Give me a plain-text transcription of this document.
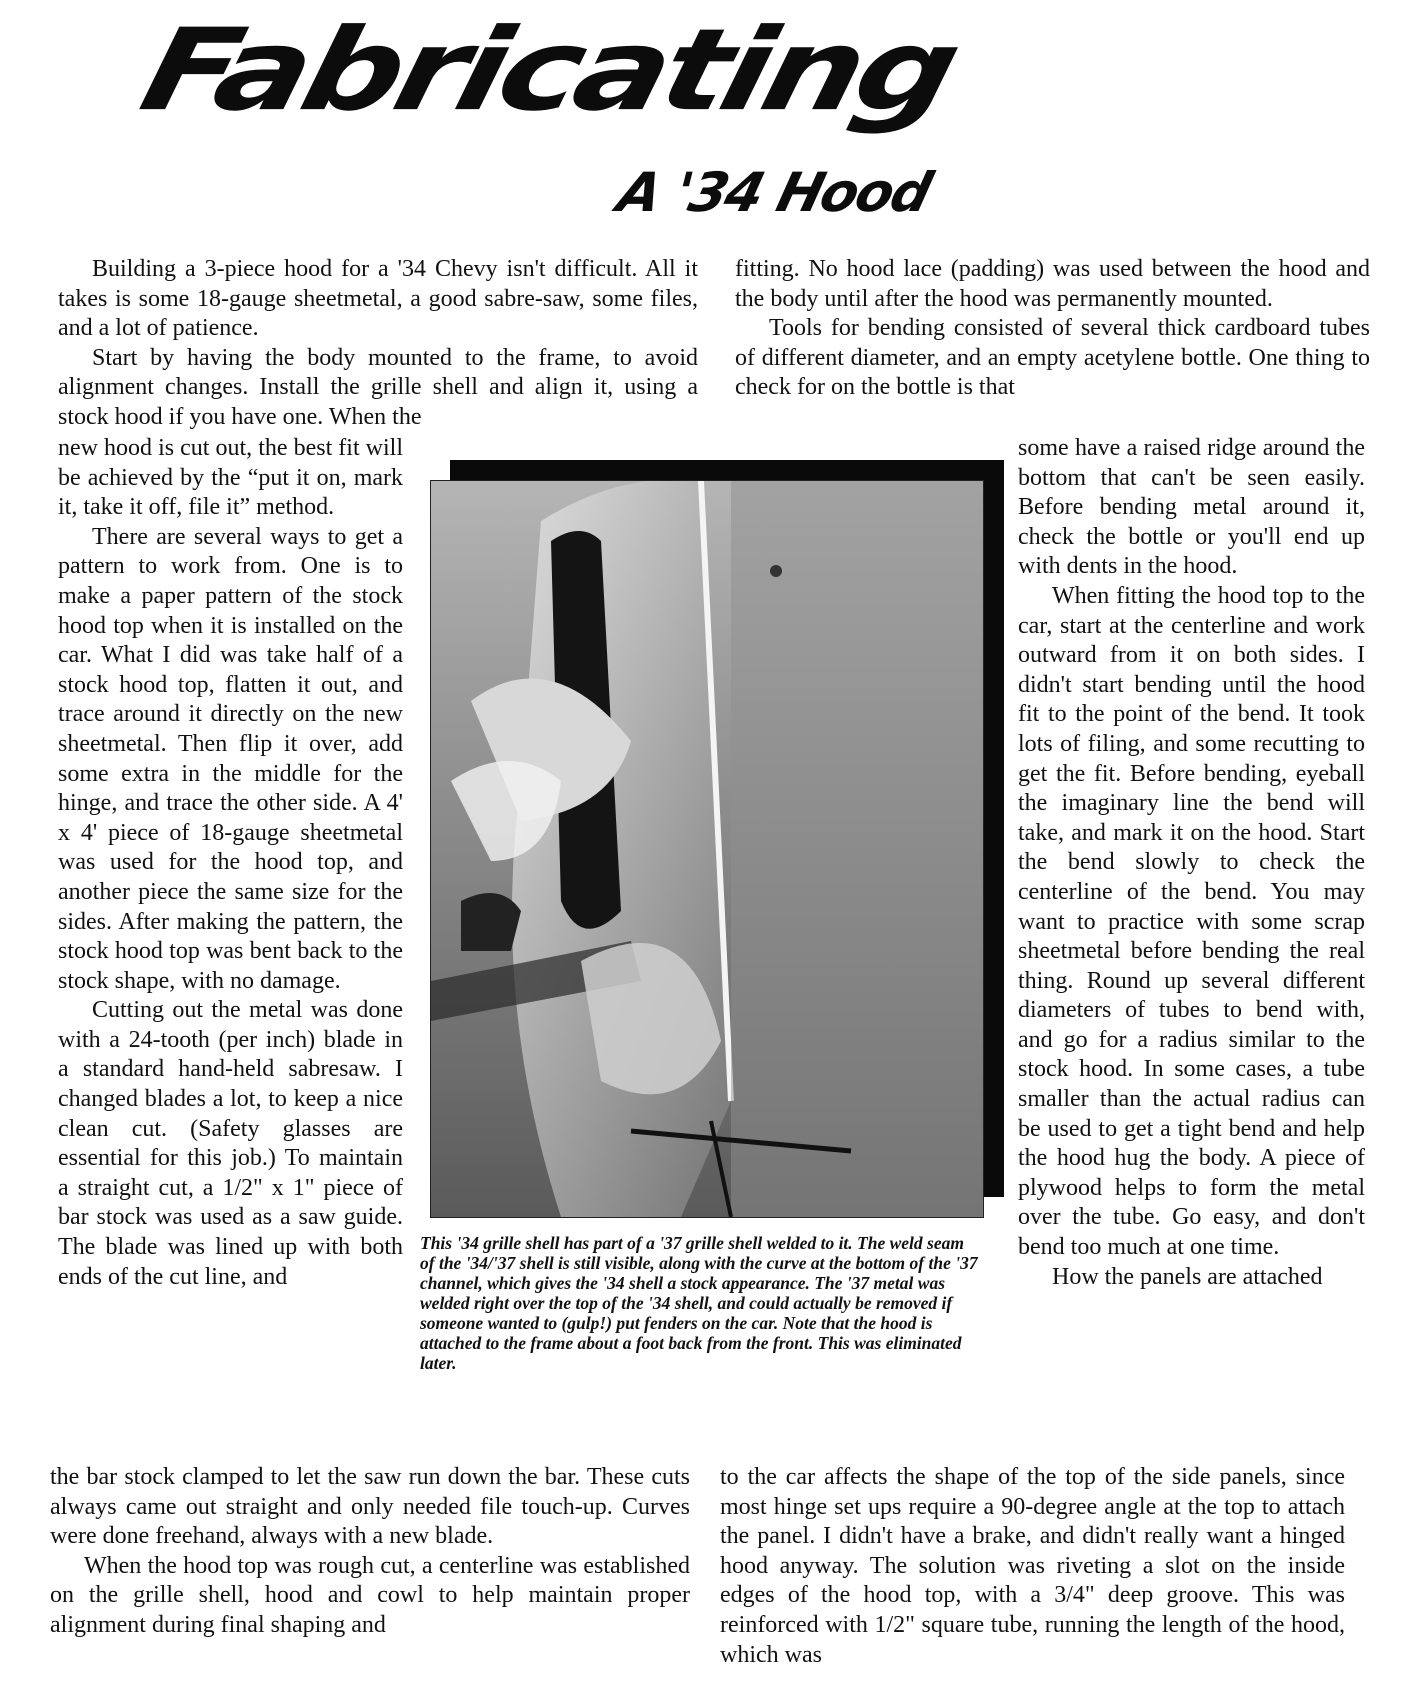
Fabricating
A '34 Hood

Building a 3-piece hood for a '34 Chevy isn't difficult. All it takes is some 18-gauge sheetmetal, a good sabre-saw, some files, and a lot of patience.

Start by having the body mounted to the frame, to avoid alignment changes. Install the grille shell and align it, using a stock hood if you have one. When the

new hood is cut out, the best fit will be achieved by the “put it on, mark it, take it off, file it” method.

There are several ways to get a pattern to work from. One is to make a paper pattern of the stock hood top when it is installed on the car. What I did was take half of a stock hood top, flatten it out, and trace around it directly on the new sheetmetal. Then flip it over, add some extra in the middle for the hinge, and trace the other side. A 4' x 4' piece of 18-gauge sheetmetal was used for the hood top, and another piece the same size for the sides. After making the pattern, the stock hood top was bent back to the stock shape, with no damage.

Cutting out the metal was done with a 24-tooth (per inch) blade in a standard hand-held sabresaw. I changed blades a lot, to keep a nice clean cut. (Safety glasses are essential for this job.) To maintain a straight cut, a 1/2" x 1" piece of bar stock was used as a saw guide. The blade was lined up with both ends of the cut line, and

the bar stock clamped to let the saw run down the bar. These cuts always came out straight and only needed file touch-up. Curves were done freehand, always with a new blade.

When the hood top was rough cut, a centerline was established on the grille shell, hood and cowl to help maintain proper alignment during final shaping and

fitting. No hood lace (padding) was used between the hood and the body until after the hood was permanently mounted.

Tools for bending consisted of several thick cardboard tubes of different diameter, and an empty acetylene bottle. One thing to check for on the bottle is that

some have a raised ridge around the bottom that can't be seen easily. Before bending metal around it, check the bottle or you'll end up with dents in the hood.

When fitting the hood top to the car, start at the centerline and work outward from it on both sides. I didn't start bending until the hood fit to the point of the bend. It took lots of filing, and some recutting to get the fit. Before bending, eyeball the imaginary line the bend will take, and mark it on the hood. Start the bend slowly to check the centerline of the bend. You may want to practice with some scrap sheetmetal before bending the real thing. Round up several different diameters of tubes to bend with, and go for a radius similar to the stock hood. In some cases, a tube smaller than the actual radius can be used to get a tight bend and help the hood hug the body. A piece of plywood helps to form the metal over the tube. Go easy, and don't bend too much at one time.

How the panels are attached

to the car affects the shape of the top of the side panels, since most hinge set ups require a 90-degree angle at the top to attach the panel. I didn't have a brake, and didn't really want a hinged hood anyway. The solution was riveting a slot on the inside edges of the hood top, with a 3/4" deep groove. This was reinforced with 1/2" square tube, running the length of the hood, which was

This '34 grille shell has part of a '37 grille shell welded to it. The weld seam of the '34/'37 shell is still visible, along with the curve at the bottom of the '37 channel, which gives the '34 shell a stock appearance. The '37 metal was welded right over the top of the '34 shell, and could actually be removed if someone wanted to (gulp!) put fenders on the car. Note that the hood is attached to the frame about a foot back from the front. This was eliminated later.
